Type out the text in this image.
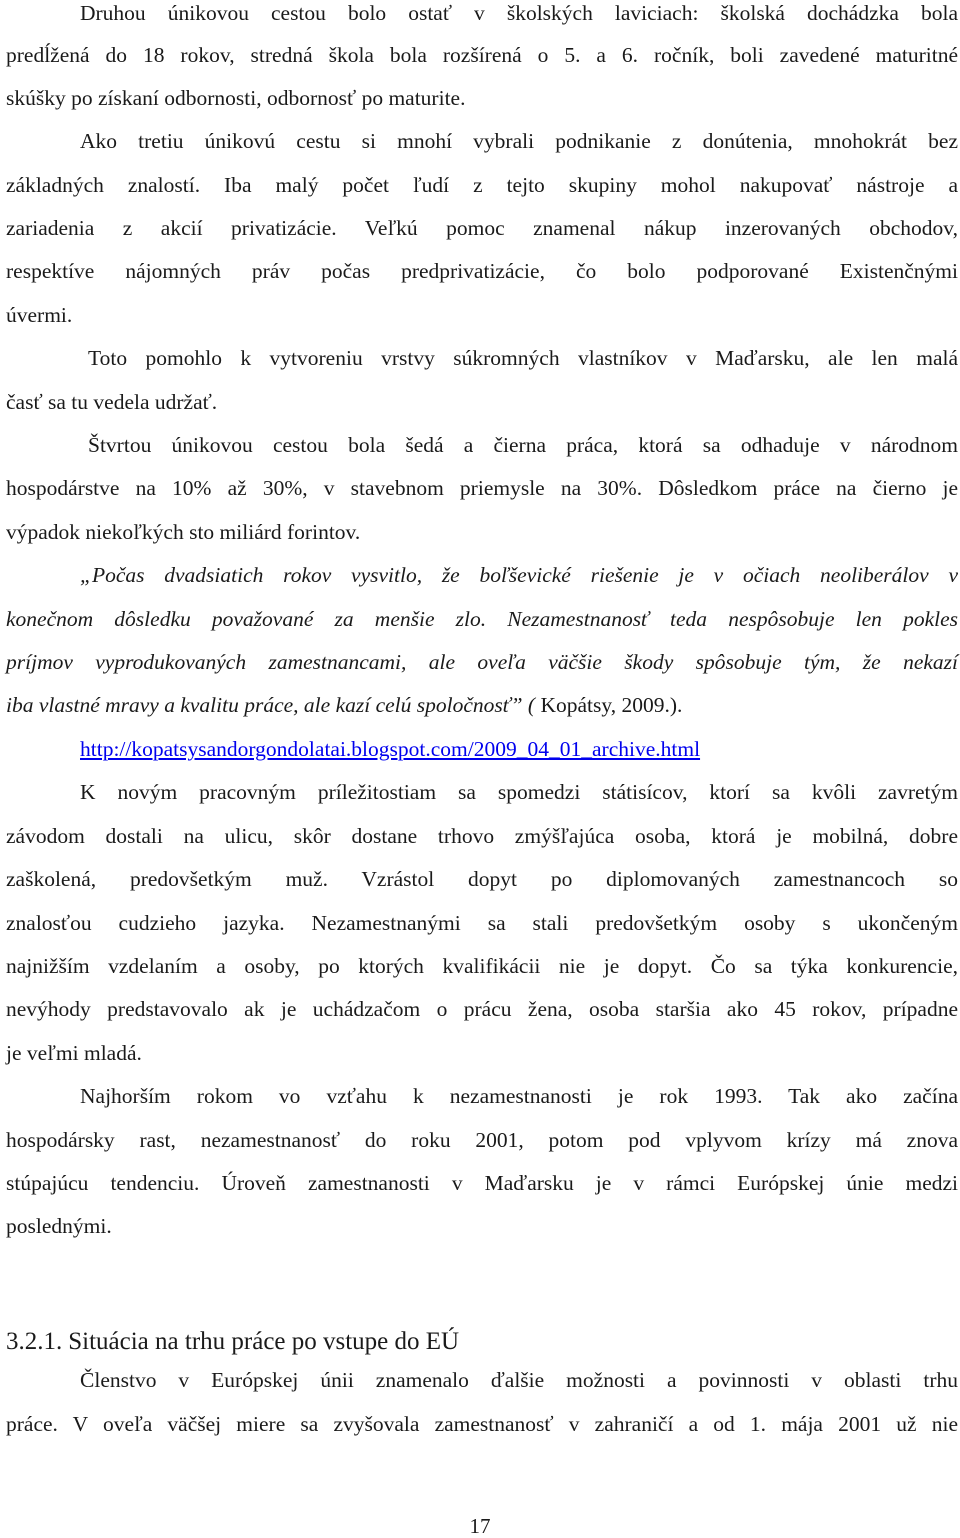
Druhou únikovou cestou bolo ostať v školských laviciach: školská dochádzka bola
predĺžená do 18 rokov, stredná škola bola rozšírená o 5. a 6. ročník, boli zavedené maturitné
skúšky po získaní odbornosti, odbornosť po maturite.
Ako tretiu únikovú cestu si mnohí vybrali podnikanie z donútenia, mnohokrát bez
základných znalostí. Iba malý počet ľudí z tejto skupiny mohol nakupovať nástroje a
zariadenia z akcií privatizácie. Veľkú pomoc znamenal nákup inzerovaných obchodov,
respektíve nájomných práv počas predprivatizácie, čo bolo podporované Existenčnými
úvermi.
Toto pomohlo k vytvoreniu vrstvy súkromných vlastníkov v Maďarsku, ale len malá
časť sa tu vedela udržať.
Štvrtou únikovou cestou bola šedá a čierna práca, ktorá sa odhaduje v národnom
hospodárstve na 10% až 30%, v stavebnom priemysle na 30%. Dôsledkom práce na čierno je
výpadok niekoľkých sto miliárd forintov.
„Počas dvadsiatich rokov vysvitlo, že boľševické riešenie je v očiach neoliberálov v
konečnom dôsledku považované za menšie zlo. Nezamestnanosť teda nespôsobuje len pokles
príjmov vyprodukovaných zamestnancami, ale oveľa väčšie škody spôsobuje tým, že nekazí
iba vlastné mravy a kvalitu práce, ale kazí celú spoločnosť” ( Kopátsy, 2009.).
http://kopatsysandorgondolatai.blogspot.com/2009_04_01_archive.html
K novým pracovným príležitostiam sa spomedzi státisícov, ktorí sa kvôli zavretým
závodom dostali na ulicu, skôr dostane trhovo zmýšľajúca osoba, ktorá je mobilná, dobre
zaškolená, predovšetkým muž. Vzrástol dopyt po diplomovaných zamestnancoch so
znalosťou cudzieho jazyka. Nezamestnanými sa stali predovšetkým osoby s ukončeným
najnižším vzdelaním a osoby, po ktorých kvalifikácii nie je dopyt. Čo sa týka konkurencie,
nevýhody predstavovalo ak je uchádzačom o prácu žena, osoba staršia ako 45 rokov, prípadne
je veľmi mladá.
Najhorším rokom vo vzťahu k nezamestnanosti je rok 1993. Tak ako začína
hospodársky rast, nezamestnanosť do roku 2001, potom pod vplyvom krízy má znova
stúpajúcu tendenciu. Úroveň zamestnanosti v Maďarsku je v rámci Európskej únie medzi
poslednými.
3.2.1. Situácia na trhu práce po vstupe do EÚ
Členstvo v Európskej únii znamenalo ďalšie možnosti a povinnosti v oblasti trhu
práce. V oveľa väčšej miere sa zvyšovala zamestnanosť v zahraničí a od 1. mája 2001 už nie
17
